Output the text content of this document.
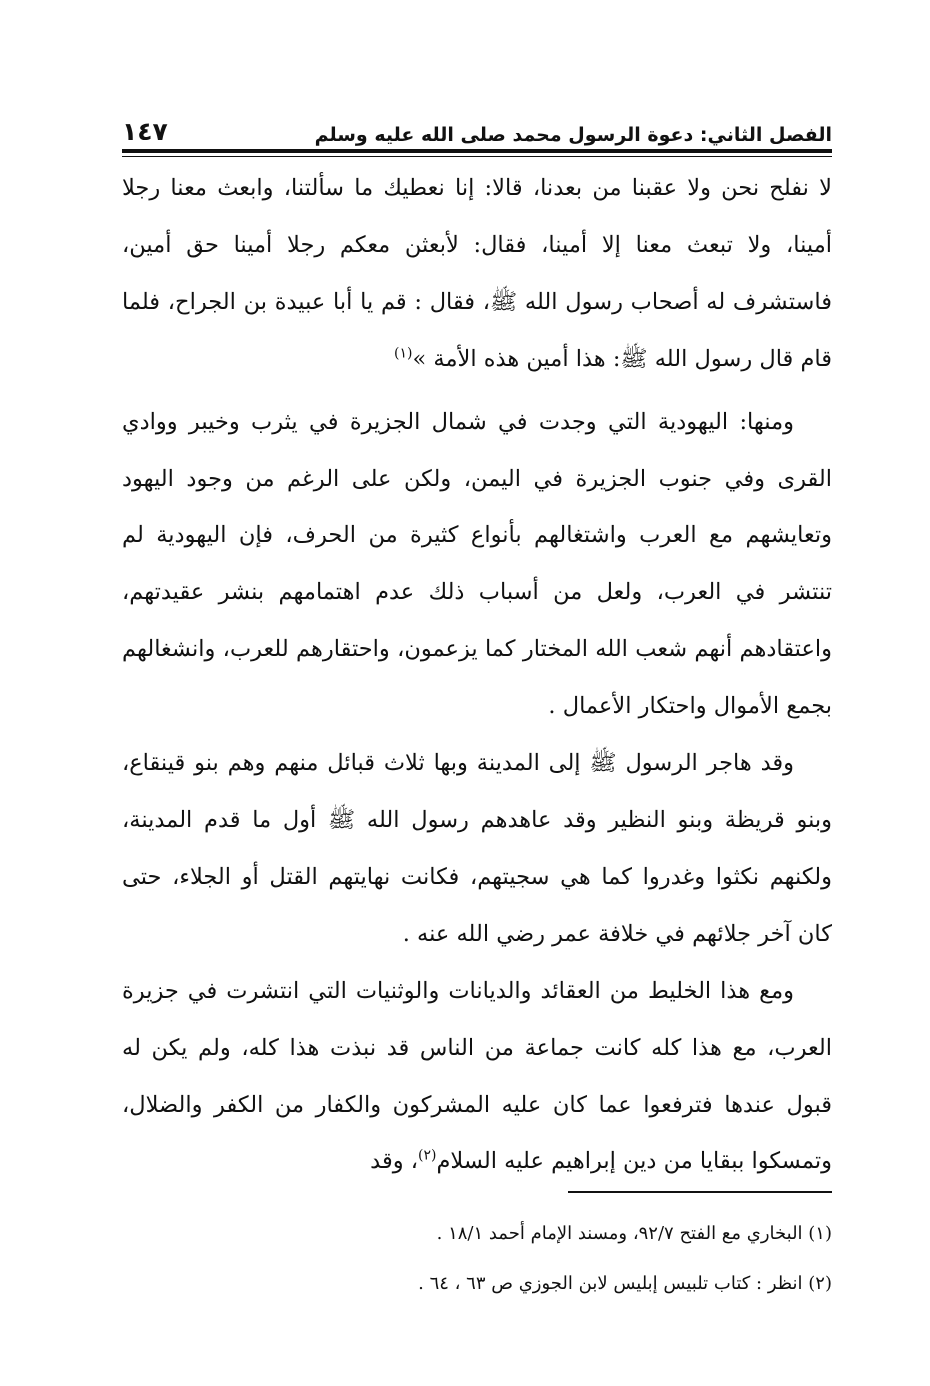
١٤٧	الفصل الثاني: دعوة الرسول محمد صلى الله عليه وسلم

لا نفلح نحن ولا عقبنا من بعدنا، قالا: إنا نعطيك ما سألتنا، وابعث معنا رجلا أمينا، ولا تبعث معنا إلا أمينا، فقال: لأبعثن معكم رجلا أمينا حق أمين، فاستشرف له أصحاب رسول الله ﷺ، فقال : قم يا أبا عبيدة بن الجراح، فلما قام قال رسول الله ﷺ: هذا أمين هذه الأمة »$^{(١)}$

ومنها: اليهودية التي وجدت في شمال الجزيرة في يثرب وخيبر ووادي القرى وفي جنوب الجزيرة في اليمن، ولكن على الرغم من وجود اليهود وتعايشهم مع العرب واشتغالهم بأنواع كثيرة من الحرف، فإن اليهودية لم تنتشر في العرب، ولعل من أسباب ذلك عدم اهتمامهم بنشر عقيدتهم، واعتقادهم أنهم شعب الله المختار كما يزعمون، واحتقارهم للعرب، وانشغالهم بجمع الأموال واحتكار الأعمال .

وقد هاجر الرسول ﷺ إلى المدينة وبها ثلاث قبائل منهم وهم بنو قينقاع، وبنو قريظة وبنو النظير وقد عاهدهم رسول الله ﷺ أول ما قدم المدينة، ولكنهم نكثوا وغدروا كما هي سجيتهم، فكانت نهايتهم القتل أو الجلاء، حتى كان آخر جلائهم في خلافة عمر رضي الله عنه .

ومع هذا الخليط من العقائد والديانات والوثنيات التي انتشرت في جزيرة العرب، مع هذا كله كانت جماعة من الناس قد نبذت هذا كله، ولم يكن له قبول عندها فترفعوا عما كان عليه المشركون والكفار من الكفر والضلال، وتمسكوا ببقايا من دين إبراهيم عليه السلام$^{(٢)}$، وقد

(١) البخاري مع الفتح ٩٢/٧، ومسند الإمام أحمد ١٨/١ .

(٢) انظر : كتاب تلبيس إبليس لابن الجوزي ص ٦٣ ، ٦٤ .
